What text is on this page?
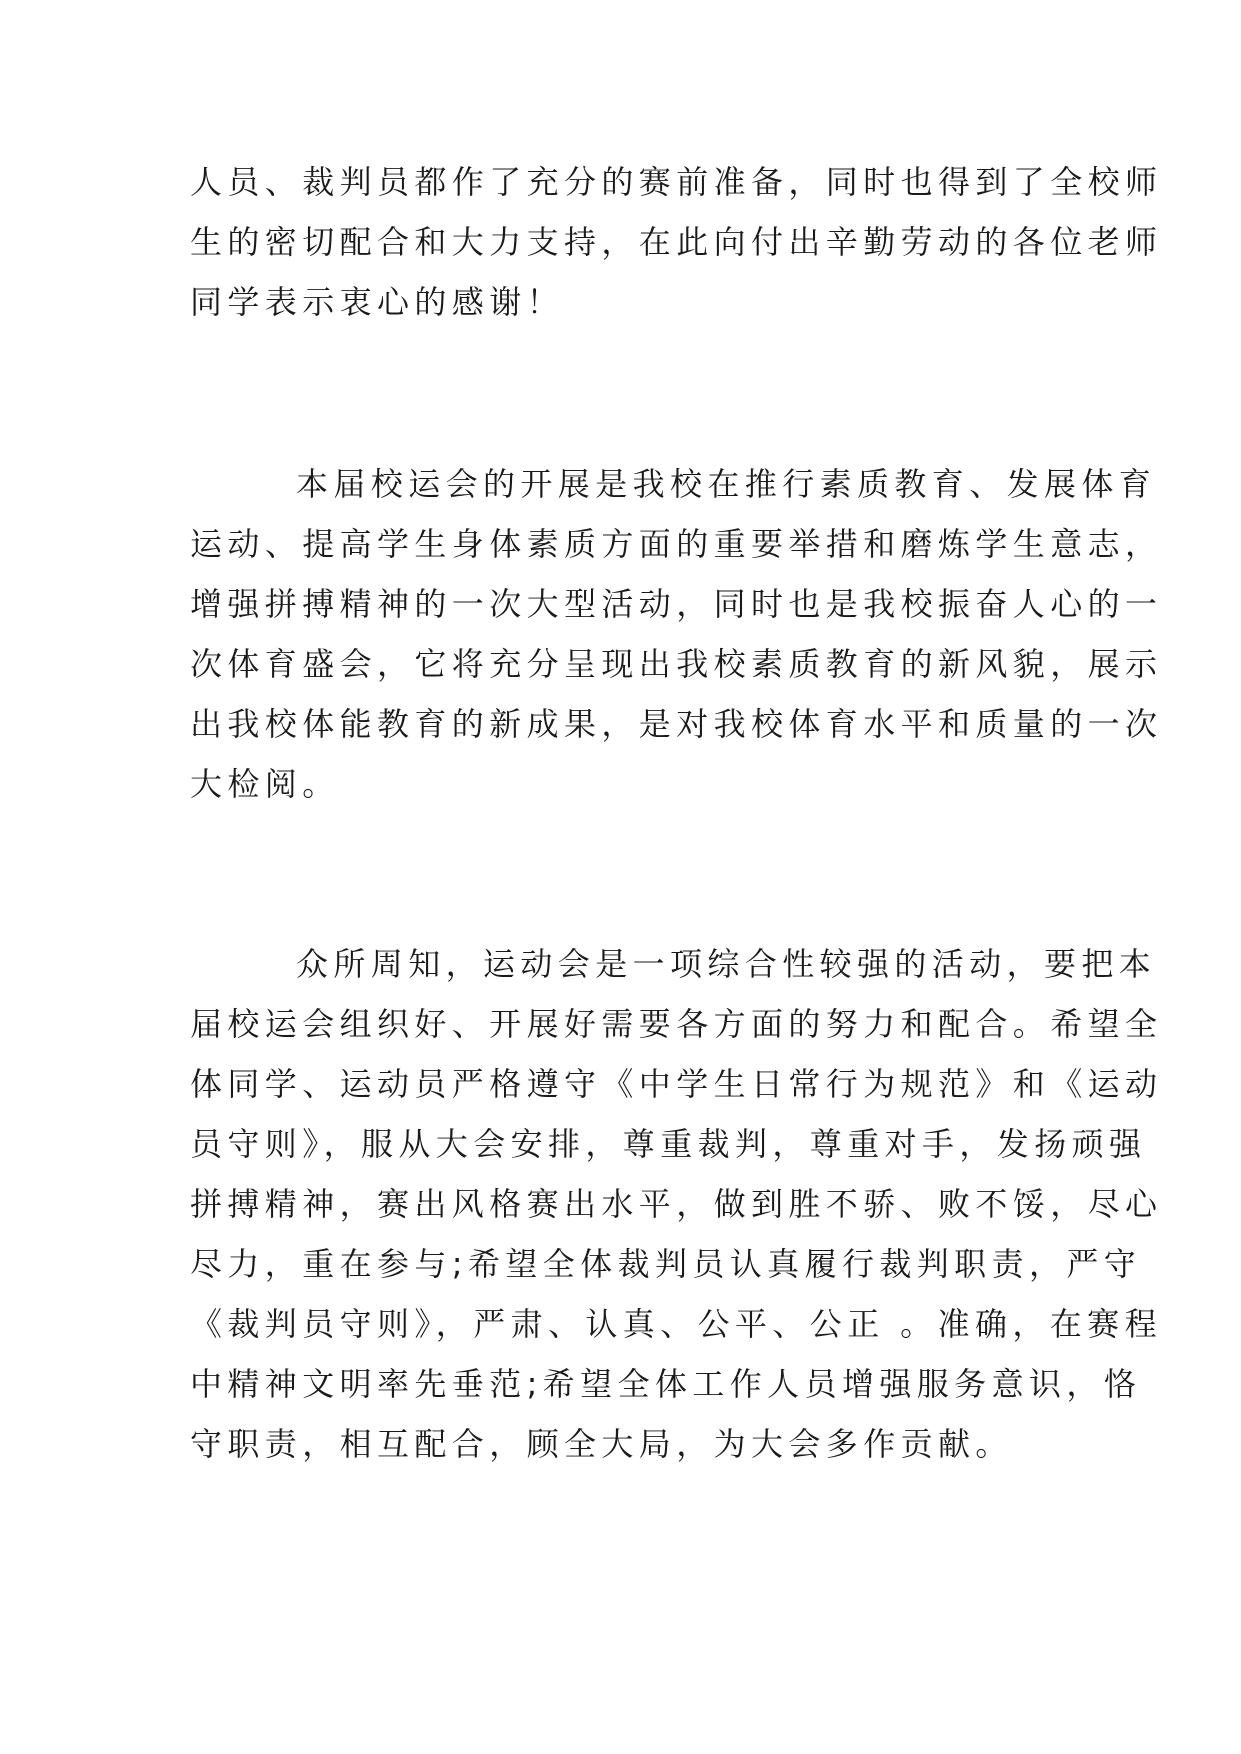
人员、裁判员都作了充分的赛前准备，同时也得到了全校师
生的密切配合和大力支持，在此向付出辛勤劳动的各位老师
同学表示衷心的感谢！
本届校运会的开展是我校在推行素质教育、发展体育
运动、提高学生身体素质方面的重要举措和磨炼学生意志，
增强拼搏精神的一次大型活动，同时也是我校振奋人心的一
次体育盛会，它将充分呈现出我校素质教育的新风貌，展示
出我校体能教育的新成果，是对我校体育水平和质量的一次
大检阅。
众所周知，运动会是一项综合性较强的活动，要把本
届校运会组织好、开展好需要各方面的努力和配合。希望全
体同学、运动员严格遵守《中学生日常行为规范》和《运动
员守则》，服从大会安排，尊重裁判，尊重对手，发扬顽强
拼搏精神，赛出风格赛出水平，做到胜不骄、败不馁，尽心
尽力，重在参与;希望全体裁判员认真履行裁判职责，严守
《裁判员守则》，严肃、认真、公平、公正 。准确，在赛程
中精神文明率先垂范;希望全体工作人员增强服务意识，恪
守职责，相互配合，顾全大局，为大会多作贡献。
